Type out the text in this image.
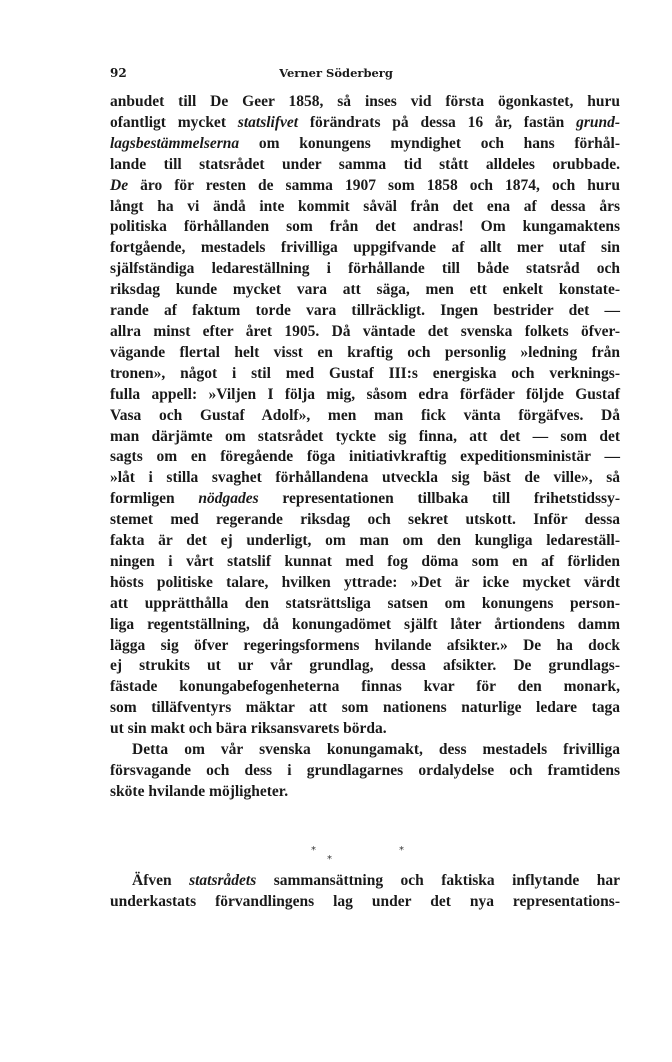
92	Verner Söderberg
anbudet till De Geer 1858, så inses vid första ögonkastet, huru
ofantligt mycket statslifvet förändrats på dessa 16 år, fastän grund-
lagsbestämmelserna om konungens myndighet och hans förhål-
lande till statsrådet under samma tid stått alldeles orubbade.
De äro för resten de samma 1907 som 1858 och 1874, och huru
långt ha vi ändå inte kommit såväl från det ena af dessa års
politiska förhållanden som från det andras! Om kungamaktens
fortgående, mestadels frivilliga uppgifvande af allt mer utaf sin
själfständiga ledareställning i förhållande till både statsråd och
riksdag kunde mycket vara att säga, men ett enkelt konstate-
rande af faktum torde vara tillräckligt. Ingen bestrider det —
allra minst efter året 1905. Då väntade det svenska folkets öfver-
vägande flertal helt visst en kraftig och personlig »ledning från
tronen», något i stil med Gustaf III:s energiska och verknings-
fulla appell: »Viljen I följa mig, såsom edra förfäder följde Gustaf
Vasa och Gustaf Adolf», men man fick vänta förgäfves. Då
man därjämte om statsrådet tyckte sig finna, att det — som det
sagts om en föregående föga initiativkraftig expeditionsministär —
»låt i stilla svaghet förhållandena utveckla sig bäst de ville», så
formligen nödgades representationen tillbaka till frihetstidssy-
stemet med regerande riksdag och sekret utskott. Inför dessa
fakta är det ej underligt, om man om den kungliga ledareställ-
ningen i vårt statslif kunnat med fog döma som en af förliden
hösts politiske talare, hvilken yttrade: »Det är icke mycket värdt
att upprätthålla den statsrättsliga satsen om konungens person-
liga regentställning, då konungadömet själft låter årtiondens damm
lägga sig öfver regeringsformens hvilande afsikter.» De ha dock
ej strukits ut ur vår grundlag, dessa afsikter. De grundlags-
fästade konungabefogenheterna finnas kvar för den monark,
som tilläfventyrs mäktar att som nationens naturlige ledare taga
ut sin makt och bära riksansvarets börda.
Detta om vår svenska konungamakt, dess mestadels frivilliga
försvagande och dess i grundlagarnes ordalydelse och framtidens
sköte hvilande möjligheter.
Äfven statsrådets sammansättning och faktiska inflytande har
underkastats förvandlingens lag under det nya representations-
*
*
*
